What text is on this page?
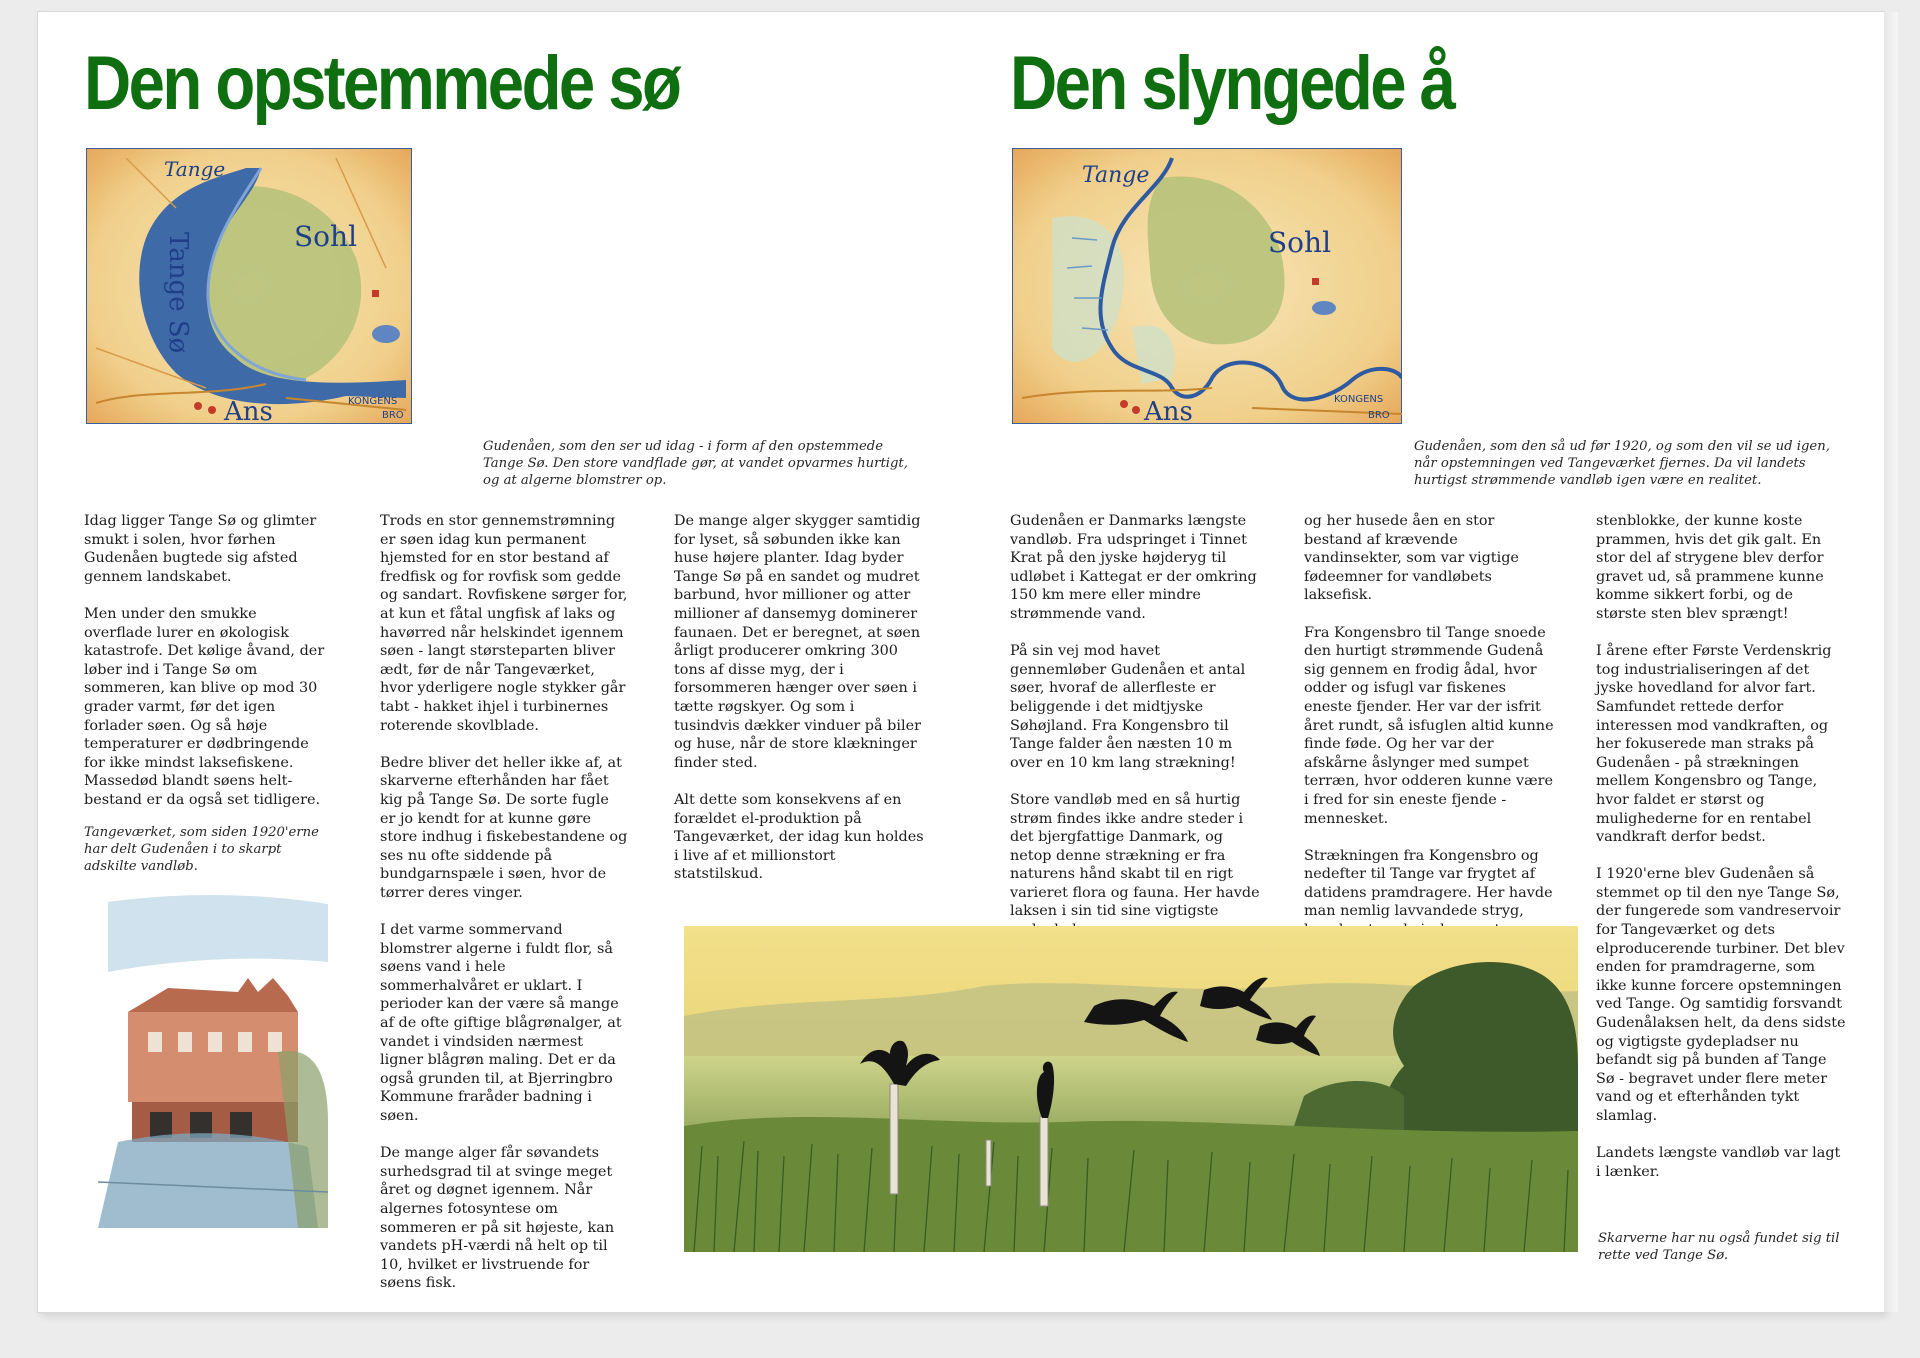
Den opstemmede sø
Tange
Sohl
Tange Sø
Ans	KONGENS
BRO

Gudenåen, som den ser ud idag - i form af den opstemmede Tange Sø. Den store vandflade gør, at vandet opvarmes hurtigt, og at algerne blomstrer op.

Idag ligger Tange Sø og glimter smukt i solen, hvor førhen Gudenåen bugtede sig afsted gennem landskabet.

Men under den smukke overflade lurer en økologisk katastrofe. Det kølige åvand, der løber ind i Tange Sø om sommeren, kan blive op mod 30 grader varmt, før det igen forlader søen. Og så høje temperaturer er dødbringende for ikke mindst laksefiskene. Massedød blandt søens helt-bestand er da også set tidligere.

Tangeværket, som siden 1920'erne har delt Gudenåen i to skarpt adskilte vandløb.

Trods en stor gennemstrømning er søen idag kun permanent hjemsted for en stor bestand af fredfisk og for rovfisk som gedde og sandart. Rovfiskene sørger for, at kun et fåtal ungfisk af laks og havørred når helskindet igennem søen - langt størsteparten bliver ædt, før de når Tangeværket, hvor yderligere nogle stykker går tabt - hakket ihjel i turbinernes roterende skovlblade.

Bedre bliver det heller ikke af, at skarverne efterhånden har fået kig på Tange Sø. De sorte fugle er jo kendt for at kunne gøre store indhug i fiskebestandene og ses nu ofte siddende på bundgarnspæle i søen, hvor de tørrer deres vinger.

I det varme sommervand blomstrer algerne i fuldt flor, så søens vand i hele sommerhalvåret er uklart. I perioder kan der være så mange af de ofte giftige blågrønalger, at vandet i vindsiden nærmest ligner blågrøn maling. Det er da også grunden til, at Bjerringbro Kommune fraråder badning i søen.

De mange alger får søvandets surhedsgrad til at svinge meget året og døgnet igennem. Når algernes fotosyntese om sommeren er på sit højeste, kan vandets pH-værdi nå helt op til 10, hvilket er livstruende for søens fisk.

De mange alger skygger samtidig for lyset, så søbunden ikke kan huse højere planter. Idag byder Tange Sø på en sandet og mudret barbund, hvor millioner og atter millioner af dansemyg dominerer faunaen. Det er beregnet, at søen årligt producerer omkring 300 tons af disse myg, der i forsommeren hænger over søen i tætte røgskyer. Og som i tusindvis dækker vinduer på biler og huse, når de store klækninger finder sted.

Alt dette som konsekvens af en forældet el-produktion på Tangeværket, der idag kun holdes i live af et millionstort statstilskud.

Den slyngede å
Tange
Sohl
Ans	KONGENS
BRO

Gudenåen, som den så ud før 1920, og som den vil se ud igen, når opstemningen ved Tangeværket fjernes. Da vil landets hurtigst strømmende vandløb igen være en realitet.

Gudenåen er Danmarks længste vandløb. Fra udspringet i Tinnet Krat på den jyske højderyg til udløbet i Kattegat er der omkring 150 km mere eller mindre strømmende vand.

På sin vej mod havet gennemløber Gudenåen et antal søer, hvoraf de allerfleste er beliggende i det midtjyske Søhøjland. Fra Kongensbro til Tange falder åen næsten 10 m over en 10 km lang strækning!

Store vandløb med en så hurtig strøm findes ikke andre steder i det bjergfattige Danmark, og netop denne strækning er fra naturens hånd skabt til en rigt varieret flora og fauna. Her havde laksen i sin tid sine vigtigste

og her husede åen en stor bestand af krævende vandinsekter, som var vigtige fødeemner for vandløbets laksefisk.

Fra Kongensbro til Tange snoede den hurtigt strømmende Gudenå sig gennem en frodig ådal, hvor odder og isfugl var fiskenes eneste fjender. Her var der isfrit året rundt, så isfuglen altid kunne finde føde. Og her var der afskårne åslynger med sumpet terræn, hvor odderen kunne være i fred for sin eneste fjende - mennesket.

Strækningen fra Kongensbro og nedefter til Tange var frygtet af datidens pramdragere. Her havde man nemlig lavvandede stryg,

stenblokke, der kunne koste prammen, hvis det gik galt. En stor del af strygene blev derfor gravet ud, så prammene kunne komme sikkert forbi, og de største sten blev sprængt!

I årene efter Første Verdenskrig tog industrialiseringen af det jyske hovedland for alvor fart. Samfundet rettede derfor interessen mod vandkraften, og her fokuserede man straks på Gudenåen - på strækningen mellem Kongensbro og Tange, hvor faldet er størst og mulighederne for en rentabel vandkraft derfor bedst.

I 1920'erne blev Gudenåen så stemmet op til den nye Tange Sø, der fungerede som vandreservoir for Tangeværket og dets elproducerende turbiner. Det blev enden for pramdragerne, som ikke kunne forcere opstemningen ved Tange. Og samtidig forsvandt Gudenålaksen helt, da dens sidste og vigtigste gydepladser nu befandt sig på bunden af Tange Sø - begravet under flere meter vand og et efterhånden tykt slamlag.

Landets længste vandløb var lagt i lænker.

Skarverne har nu også fundet sig til rette ved Tange Sø.
